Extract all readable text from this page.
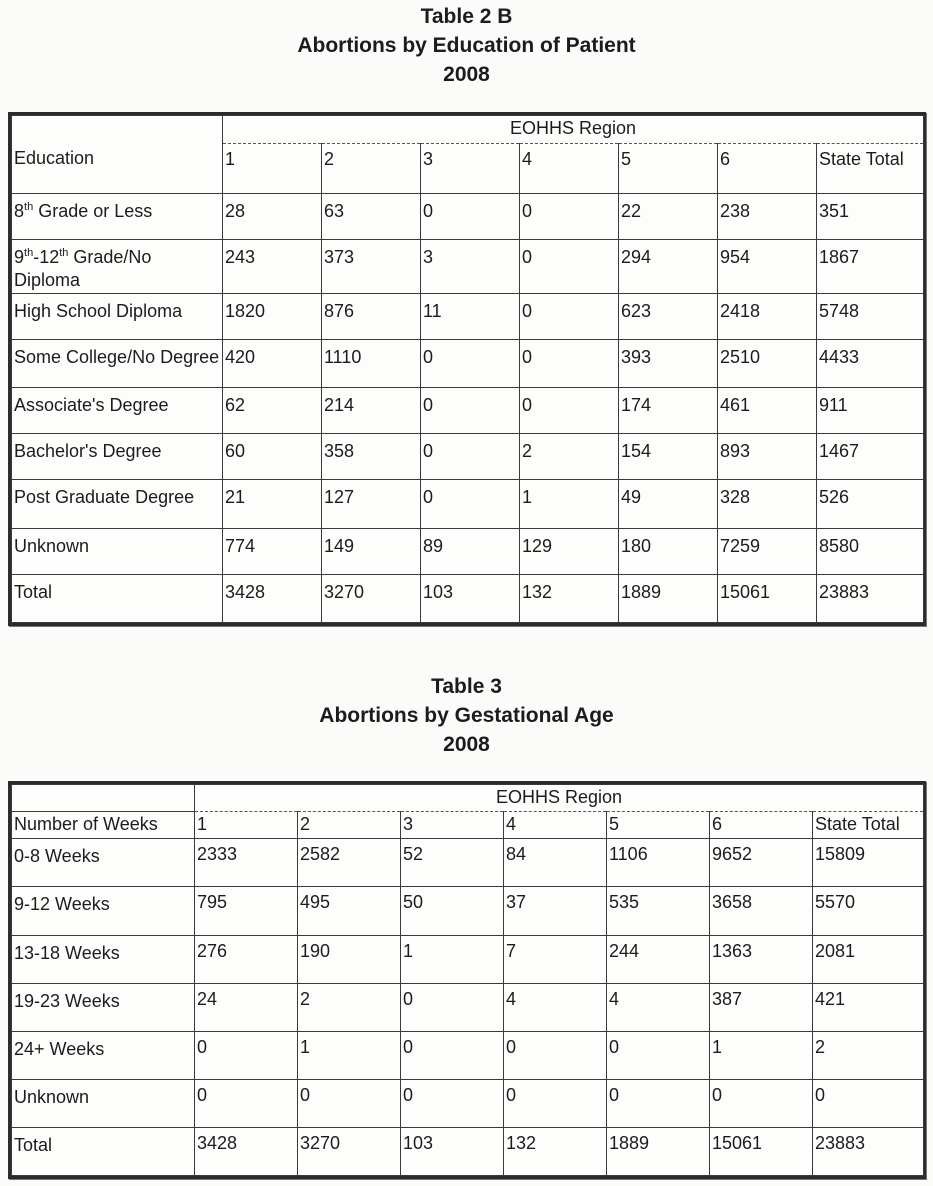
Table 2 B
Abortions by Education of Patient
2008
Education	EOHHS Region						
	1	2	3	4	5	6	State Total
8th Grade or Less	28	63	0	0	22	238	351
9th-12th Grade/No Diploma	243	373	3	0	294	954	1867
High School Diploma	1820	876	11	0	623	2418	5748
Some College/No Degree	420	1110	0	0	393	2510	4433
Associate's Degree	62	214	0	0	174	461	911
Bachelor's Degree	60	358	0	2	154	893	1467
Post Graduate Degree	21	127	0	1	49	328	526
Unknown	774	149	89	129	180	7259	8580
Total	3428	3270	103	132	1889	15061	23883
Table 3
Abortions by Gestational Age
2008
	EOHHS Region						
Number of Weeks	1	2	3	4	5	6	State Total
0-8 Weeks	2333	2582	52	84	1106	9652	15809
9-12 Weeks	795	495	50	37	535	3658	5570
13-18 Weeks	276	190	1	7	244	1363	2081
19-23 Weeks	24	2	0	4	4	387	421
24+ Weeks	0	1	0	0	0	1	2
Unknown	0	0	0	0	0	0	0
Total	3428	3270	103	132	1889	15061	23883
